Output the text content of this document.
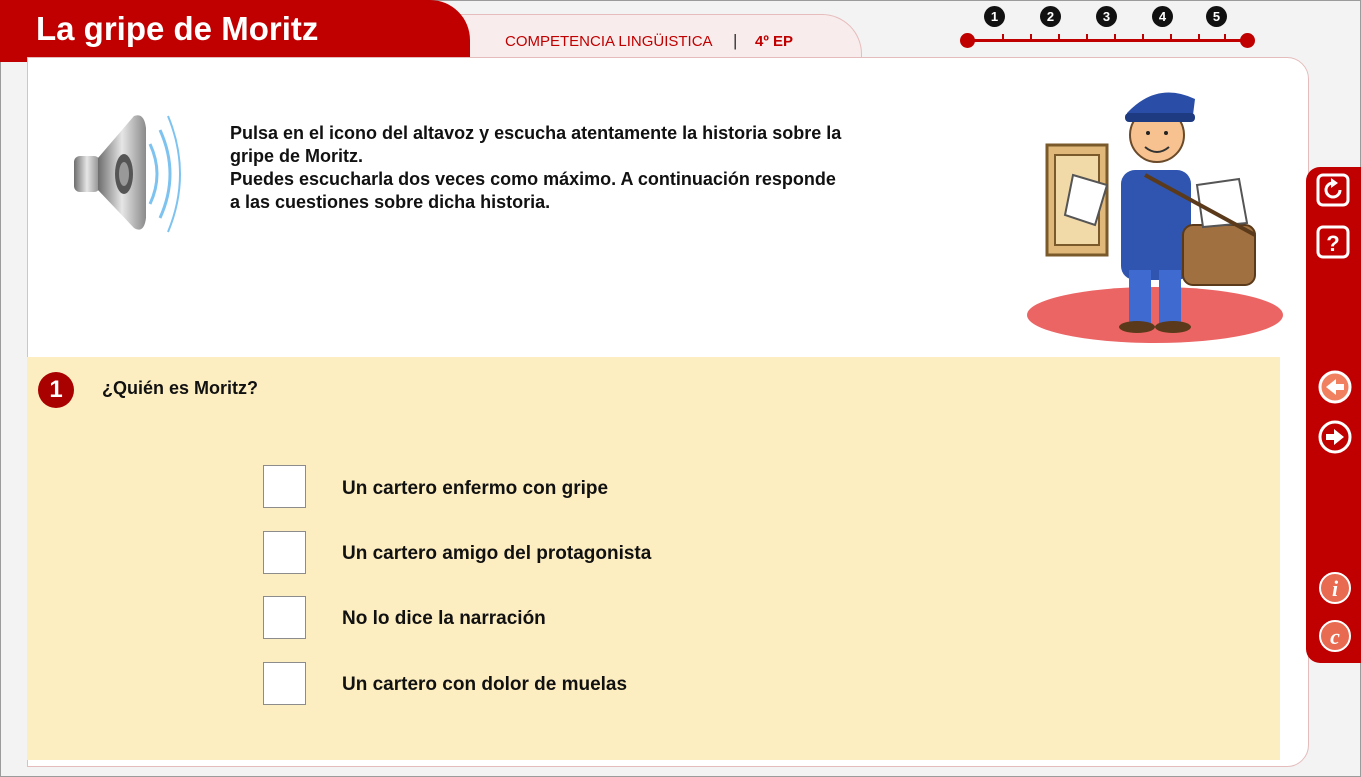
La gripe de Moritz	COMPETENCIA LINGÜISTICA | 4º EP
1	2	3	4	5
Pulsa en el icono del altavoz y escucha atentamente la historia sobre la
gripe de Moritz.
Puedes escucharla dos veces como máximo. A continuación responde
a las cuestiones sobre dicha historia.
1	¿Quién es Moritz?
Un cartero enfermo con gripe
Un cartero amigo del protagonista
No lo dice la narración
Un cartero con dolor de muelas
?
i
c
